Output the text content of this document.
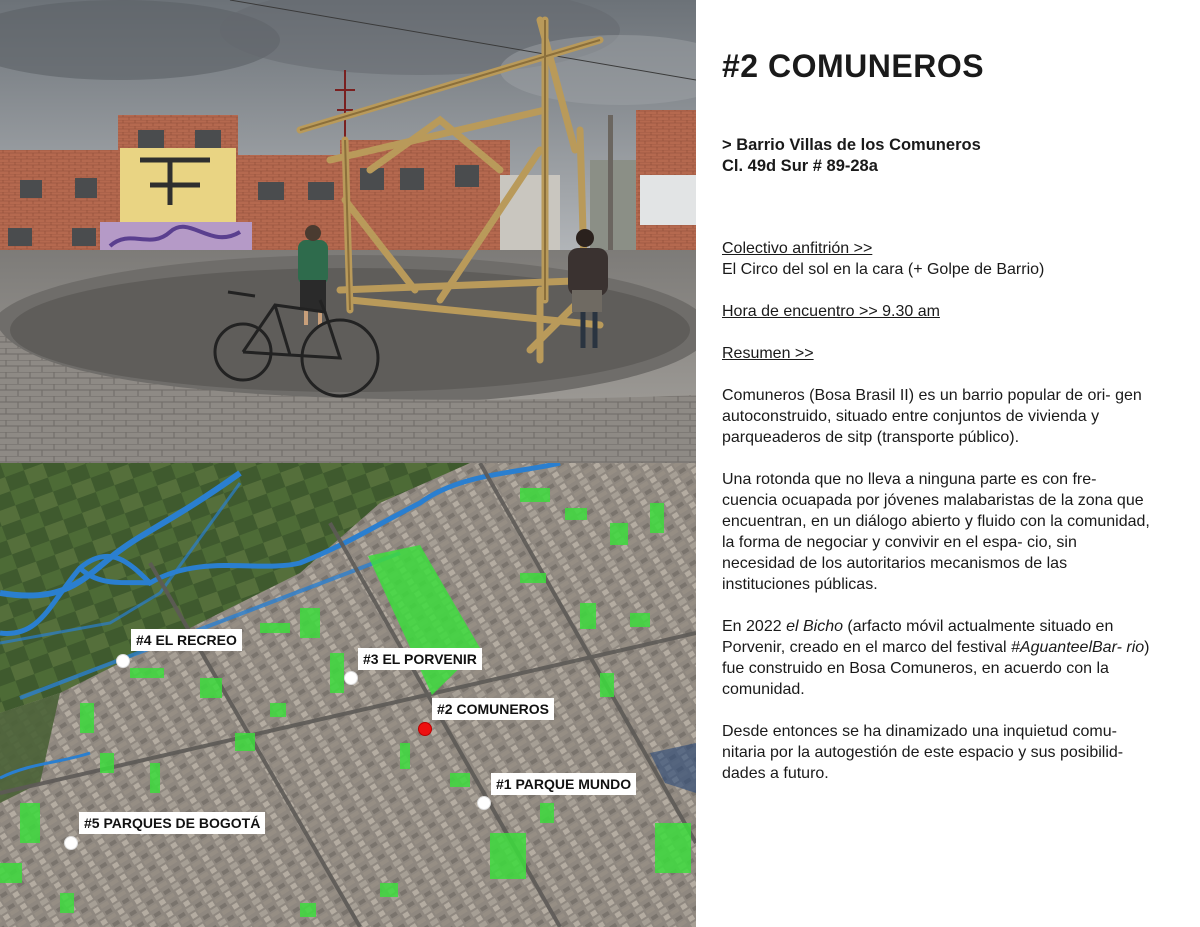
#4 EL RECREO
#3 EL PORVENIR
#2 COMUNEROS
#1 PARQUE MUNDO
#5 PARQUES DE BOGOTÁ
#2 COMUNEROS
> Barrio Villas de los Comuneros
Cl. 49d Sur # 89-28a

Colectivo anfitrión >>
El Circo del sol en la cara (+ Golpe de Barrio)

Hora de encuentro >> 9.30 am

Resumen >>

Comuneros (Bosa Brasil II) es un barrio popular de ori- gen autoconstruido, situado entre conjuntos de vivienda y parqueaderos de sitp (transporte público).

Una rotonda que no lleva a ninguna parte es con fre- cuencia ocuapada por jóvenes malabaristas de la zona que encuentran, en un diálogo abierto y fluido con la comunidad, la forma de negociar y convivir en el espa- cio, sin necesidad de los autoritarios mecanismos de las instituciones públicas.

En 2022 el Bicho (arfacto móvil actualmente situado en Porvenir, creado en el marco del festival #AguanteelBar- rio) fue construido en Bosa Comuneros, en acuerdo con la comunidad.

Desde entonces se ha dinamizado una inquietud comu- nitaria por la autogestión de este espacio y sus posibilid- dades a futuro.
